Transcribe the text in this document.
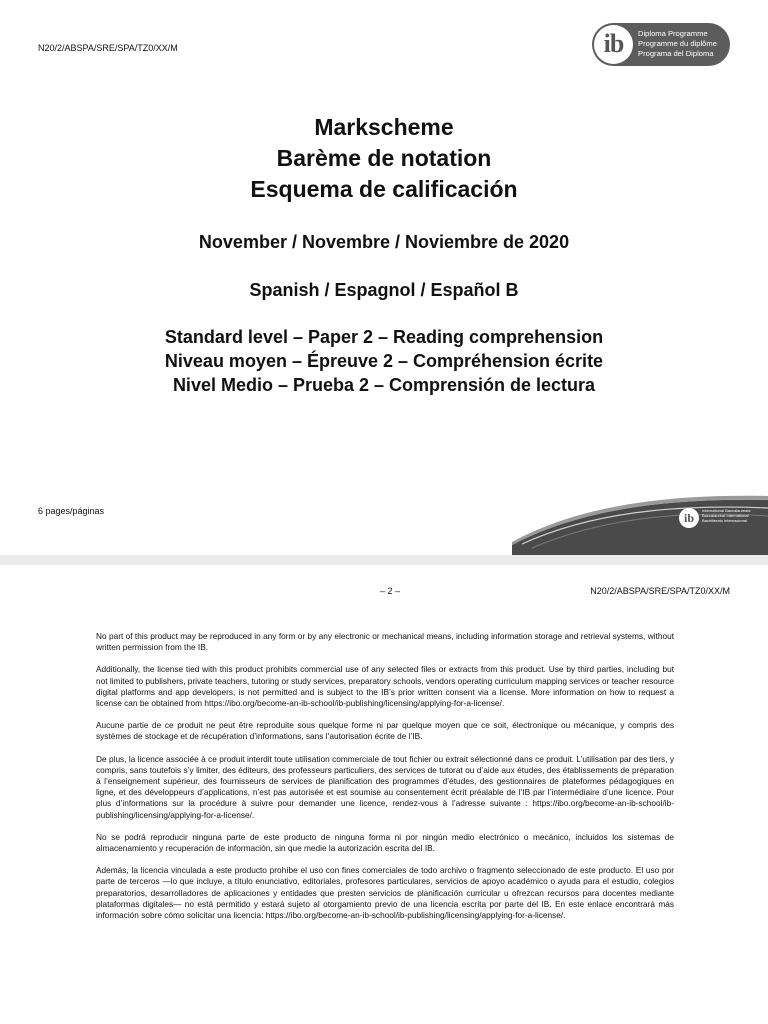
N20/2/ABSPA/SRE/SPA/TZ0/XX/M	ib	Diploma Programme
Programme du diplôme
Programa del Diploma
Markscheme
Barème de notation
Esquema de calificación
November / Novembre / Noviembre de 2020
Spanish / Espagnol / Español B
Standard level – Paper 2 – Reading comprehension
Niveau moyen – Épreuve 2 – Compréhension écrite
Nivel Medio – Prueba 2 – Comprensión de lectura
6 pages/páginas	ib
International Baccalaureate
Baccalauréat International
Bachillerato Internacional
– 2 –	N20/2/ABSPA/SRE/SPA/TZ0/XX/M

No part of this product may be reproduced in any form or by any electronic or mechanical means, including information storage and retrieval systems, without written permission from the IB.

Additionally, the license tied with this product prohibits commercial use of any selected files or extracts from this product. Use by third parties, including but not limited to publishers, private teachers, tutoring or study services, preparatory schools, vendors operating curriculum mapping services or teacher resource digital platforms and app developers, is not permitted and is subject to the IB’s prior written consent via a license. More information on how to request a license can be obtained from https://ibo.org/become-an-ib-school/ib-publishing/licensing/applying-for-a-license/.

Aucune partie de ce produit ne peut être reproduite sous quelque forme ni par quelque moyen que ce soit, électronique ou mécanique, y compris des systèmes de stockage et de récupération d’informations, sans l’autorisation écrite de l’IB.

De plus, la licence associée à ce produit interdit toute utilisation commerciale de tout fichier ou extrait sélectionné dans ce produit. L’utilisation par des tiers, y compris, sans toutefois s’y limiter, des éditeurs, des professeurs particuliers, des services de tutorat ou d’aide aux études, des établissements de préparation à l’enseignement supérieur, des fournisseurs de services de planification des programmes d’études, des gestionnaires de plateformes pédagogiques en ligne, et des développeurs d’applications, n’est pas autorisée et est soumise au consentement écrit préalable de l’IB par l’intermédiaire d’une licence. Pour plus d’informations sur la procédure à suivre pour demander une licence, rendez-vous à l’adresse suivante : https://ibo.org/become-an-ib-school/ib-publishing/licensing/applying-for-a-license/.

No se podrá reproducir ninguna parte de este producto de ninguna forma ni por ningún medio electrónico o mecánico, incluidos los sistemas de almacenamiento y recuperación de información, sin que medie la autorización escrita del IB.

Además, la licencia vinculada a este producto prohíbe el uso con fines comerciales de todo archivo o fragmento seleccionado de este producto. El uso por parte de terceros —lo que incluye, a título enunciativo, editoriales, profesores particulares, servicios de apoyo académico o ayuda para el estudio, colegios preparatorios, desarrolladores de aplicaciones y entidades que presten servicios de planificación curricular u ofrezcan recursos para docentes mediante plataformas digitales— no está permitido y estará sujeto al otorgamiento previo de una licencia escrita por parte del IB. En este enlace encontrará más información sobre cómo solicitar una licencia: https://ibo.org/become-an-ib-school/ib-publishing/licensing/applying-for-a-license/.
